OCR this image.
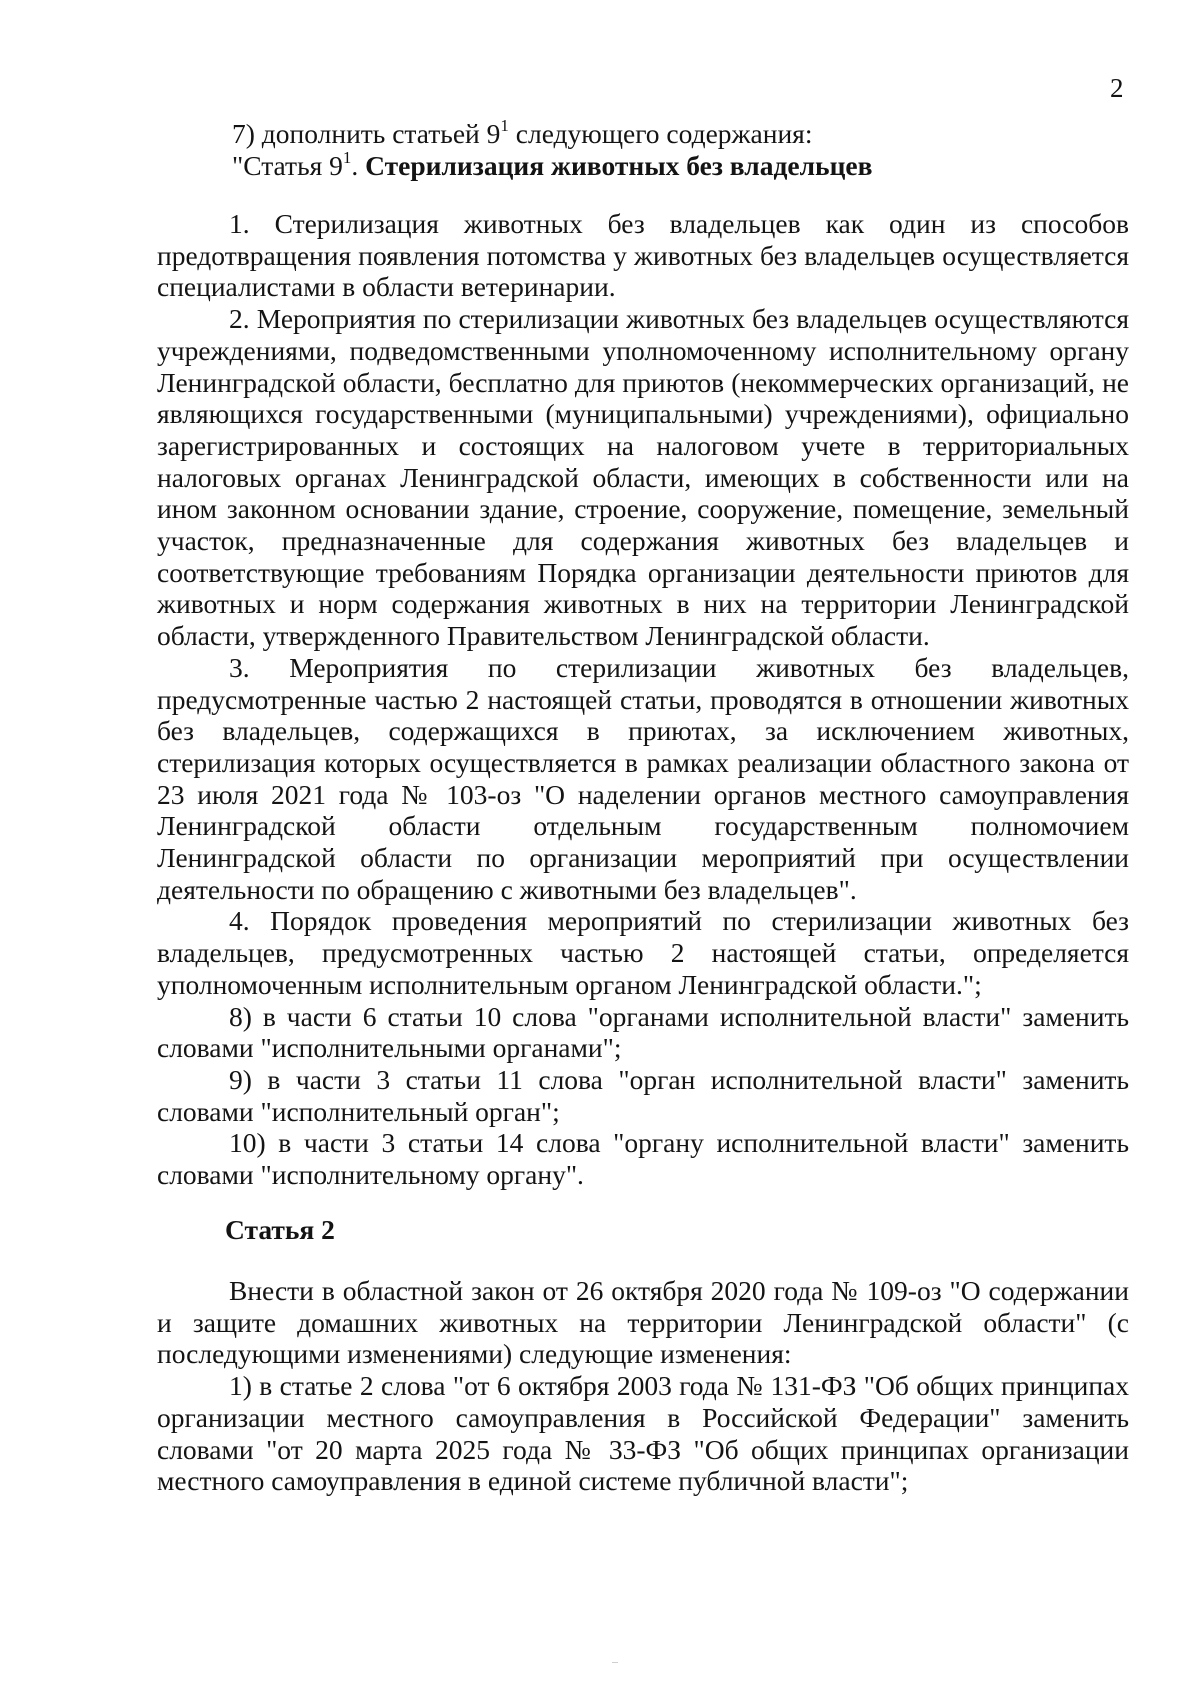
2
7) дополнить статьей $9^1$ следующего содержания:
"Статья $9^1$. Стерилизация животных без владельцев

1. Стерилизация животных без владельцев как один из способов предотвращения появления потомства у животных без владельцев осуществляется специалистами в области ветеринарии.

2. Мероприятия по стерилизации животных без владельцев осуществляются учреждениями, подведомственными уполномоченному исполнительному органу Ленинградской области, бесплатно для приютов (некоммерческих организаций, не являющихся государственными (муниципальными) учреждениями), официально зарегистрированных и состоящих на налоговом учете в территориальных налоговых органах Ленинградской области, имеющих в собственности или на ином законном основании здание, строение, сооружение, помещение, земельный участок, предназначенные для содержания животных без владельцев и соответствующие требованиям Порядка организации деятельности приютов для животных и норм содержания животных в них на территории Ленинградской области, утвержденного Правительством Ленинградской области.

3. Мероприятия по стерилизации животных без владельцев, предусмотренные частью 2 настоящей статьи, проводятся в отношении животных без владельцев, содержащихся в приютах, за исключением животных, стерилизация которых осуществляется в рамках реализации областного закона от 23 июля 2021 года № 103-оз "О наделении органов местного самоуправления Ленинградской области отдельным государственным полномочием Ленинградской области по организации мероприятий при осуществлении деятельности по обращению с животными без владельцев".

4. Порядок проведения мероприятий по стерилизации животных без владельцев, предусмотренных частью 2 настоящей статьи, определяется уполномоченным исполнительным органом Ленинградской области.";

8) в части 6 статьи 10 слова "органами исполнительной власти" заменить словами "исполнительными органами";

9) в части 3 статьи 11 слова "орган исполнительной власти" заменить словами "исполнительный орган";

10) в части 3 статьи 14 слова "органу исполнительной власти" заменить словами "исполнительному органу".

Статья 2

Внести в областной закон от 26 октября 2020 года № 109-оз "О содержании и защите домашних животных на территории Ленинградской области" (с последующими изменениями) следующие изменения:

1) в статье 2 слова "от 6 октября 2003 года № 131-ФЗ "Об общих принципах организации местного самоуправления в Российской Федерации" заменить словами "от 20 марта 2025 года № 33-ФЗ "Об общих принципах организации местного самоуправления в единой системе публичной власти";
